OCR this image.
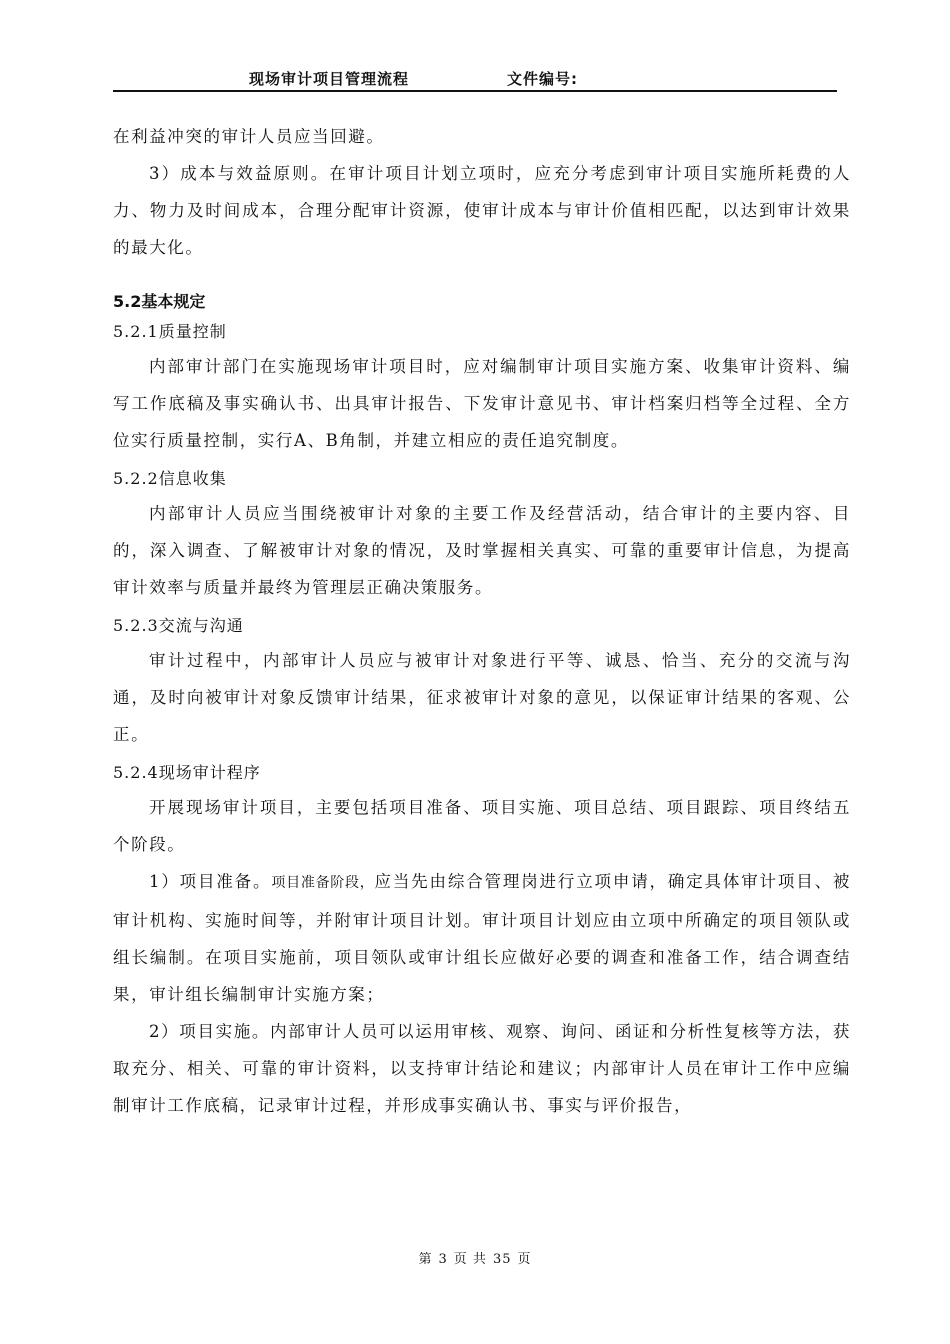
现场审计项目管理流程	文件编号:

在利益冲突的审计人员应当回避。

3）成本与效益原则。在审计项目计划立项时，应充分考虑到审计项目实施所耗费的人力、物力及时间成本，合理分配审计资源，使审计成本与审计价值相匹配，以达到审计效果的最大化。

5.2基本规定
5.2.1质量控制

内部审计部门在实施现场审计项目时，应对编制审计项目实施方案、收集审计资料、编写工作底稿及事实确认书、出具审计报告、下发审计意见书、审计档案归档等全过程、全方位实行质量控制，实行A、B角制，并建立相应的责任追究制度。

5.2.2信息收集

内部审计人员应当围绕被审计对象的主要工作及经营活动，结合审计的主要内容、目的，深入调查、了解被审计对象的情况，及时掌握相关真实、可靠的重要审计信息，为提高审计效率与质量并最终为管理层正确决策服务。

5.2.3交流与沟通

审计过程中，内部审计人员应与被审计对象进行平等、诚恳、恰当、充分的交流与沟通，及时向被审计对象反馈审计结果，征求被审计对象的意见，以保证审计结果的客观、公正。

5.2.4现场审计程序

开展现场审计项目，主要包括项目准备、项目实施、项目总结、项目跟踪、项目终结五个阶段。

1）项目准备。项目准备阶段，应当先由综合管理岗进行立项申请，确定具体审计项目、被审计机构、实施时间等，并附审计项目计划。审计项目计划应由立项中所确定的项目领队或组长编制。在项目实施前，项目领队或审计组长应做好必要的调查和准备工作，结合调查结果，审计组长编制审计实施方案；

2）项目实施。内部审计人员可以运用审核、观察、询问、函证和分析性复核等方法，获取充分、相关、可靠的审计资料，以支持审计结论和建议；内部审计人员在审计工作中应编制审计工作底稿，记录审计过程，并形成事实确认书、事实与评价报告，

第 3 页 共 35 页
